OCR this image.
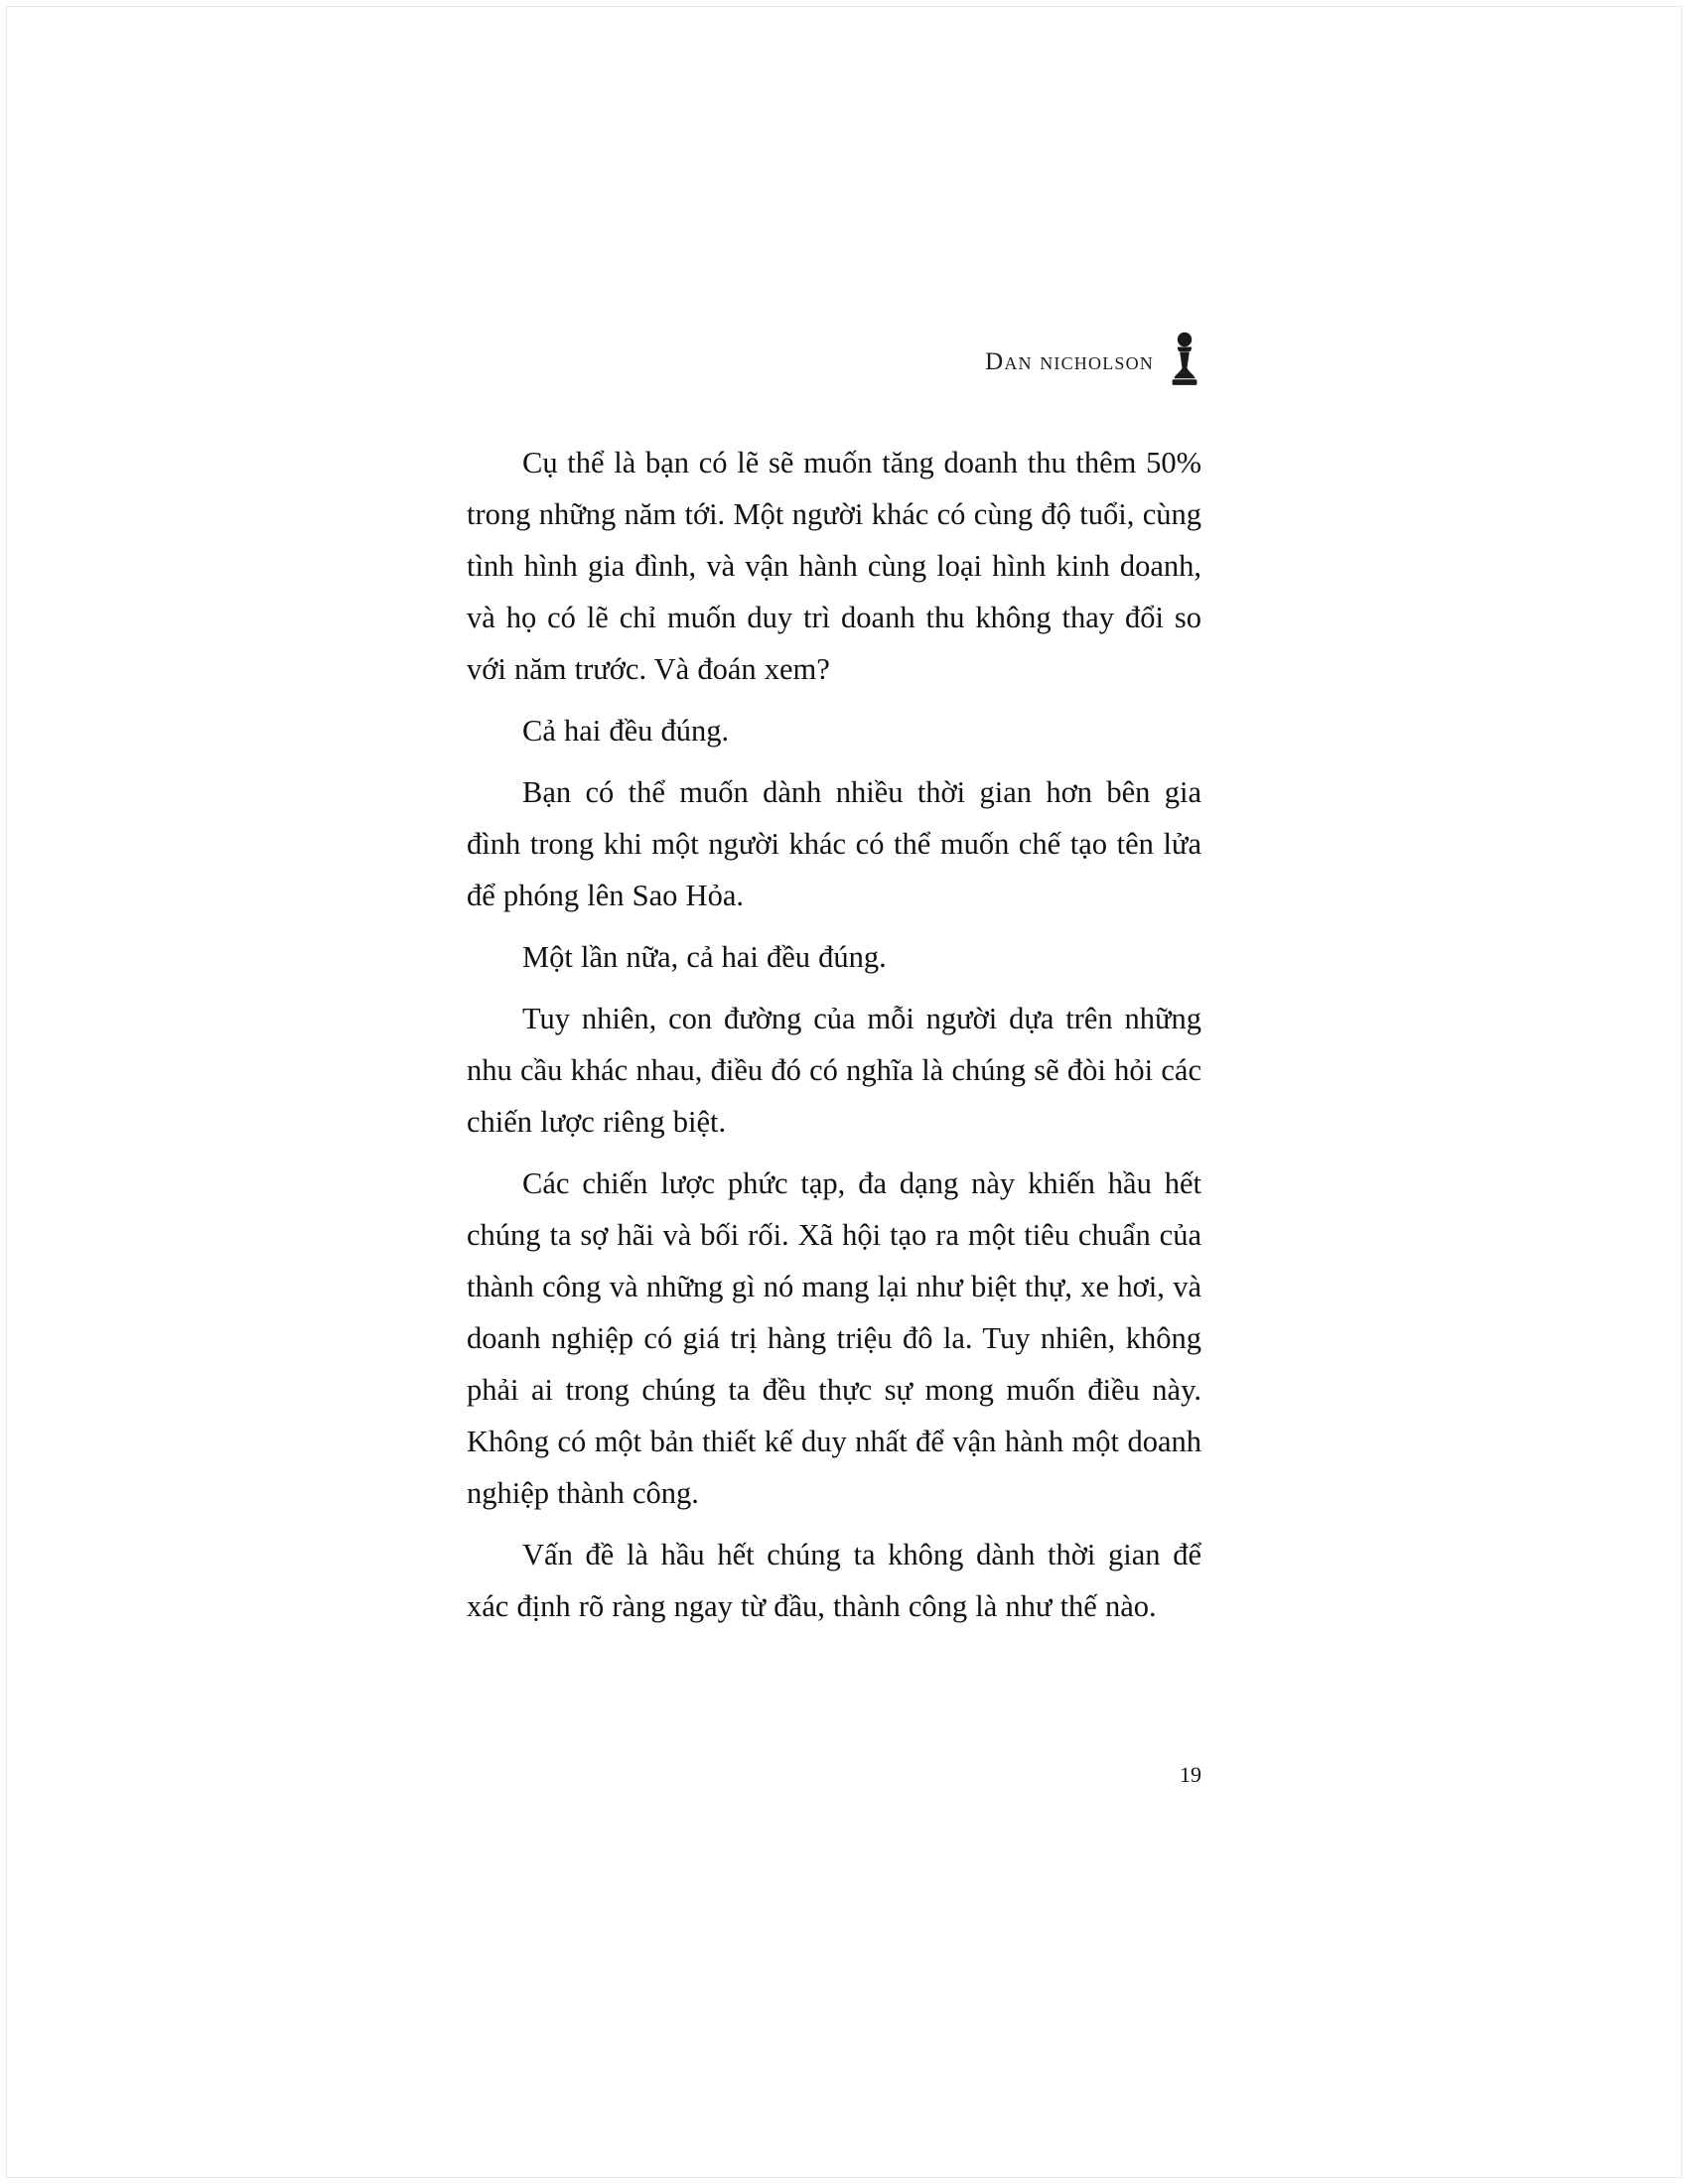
Dan nicholson

Cụ thể là bạn có lẽ sẽ muốn tăng doanh thu thêm 50% trong những năm tới. Một người khác có cùng độ tuổi, cùng tình hình gia đình, và vận hành cùng loại hình kinh doanh, và họ có lẽ chỉ muốn duy trì doanh thu không thay đổi so với năm trước. Và đoán xem?

Cả hai đều đúng.

Bạn có thể muốn dành nhiều thời gian hơn bên gia đình trong khi một người khác có thể muốn chế tạo tên lửa để phóng lên Sao Hỏa.

Một lần nữa, cả hai đều đúng.

Tuy nhiên, con đường của mỗi người dựa trên những nhu cầu khác nhau, điều đó có nghĩa là chúng sẽ đòi hỏi các chiến lược riêng biệt.

Các chiến lược phức tạp, đa dạng này khiến hầu hết chúng ta sợ hãi và bối rối. Xã hội tạo ra một tiêu chuẩn của thành công và những gì nó mang lại như biệt thự, xe hơi, và doanh nghiệp có giá trị hàng triệu đô la. Tuy nhiên, không phải ai trong chúng ta đều thực sự mong muốn điều này. Không có một bản thiết kế duy nhất để vận hành một doanh nghiệp thành công.

Vấn đề là hầu hết chúng ta không dành thời gian để xác định rõ ràng ngay từ đầu, thành công là như thế nào.

19
